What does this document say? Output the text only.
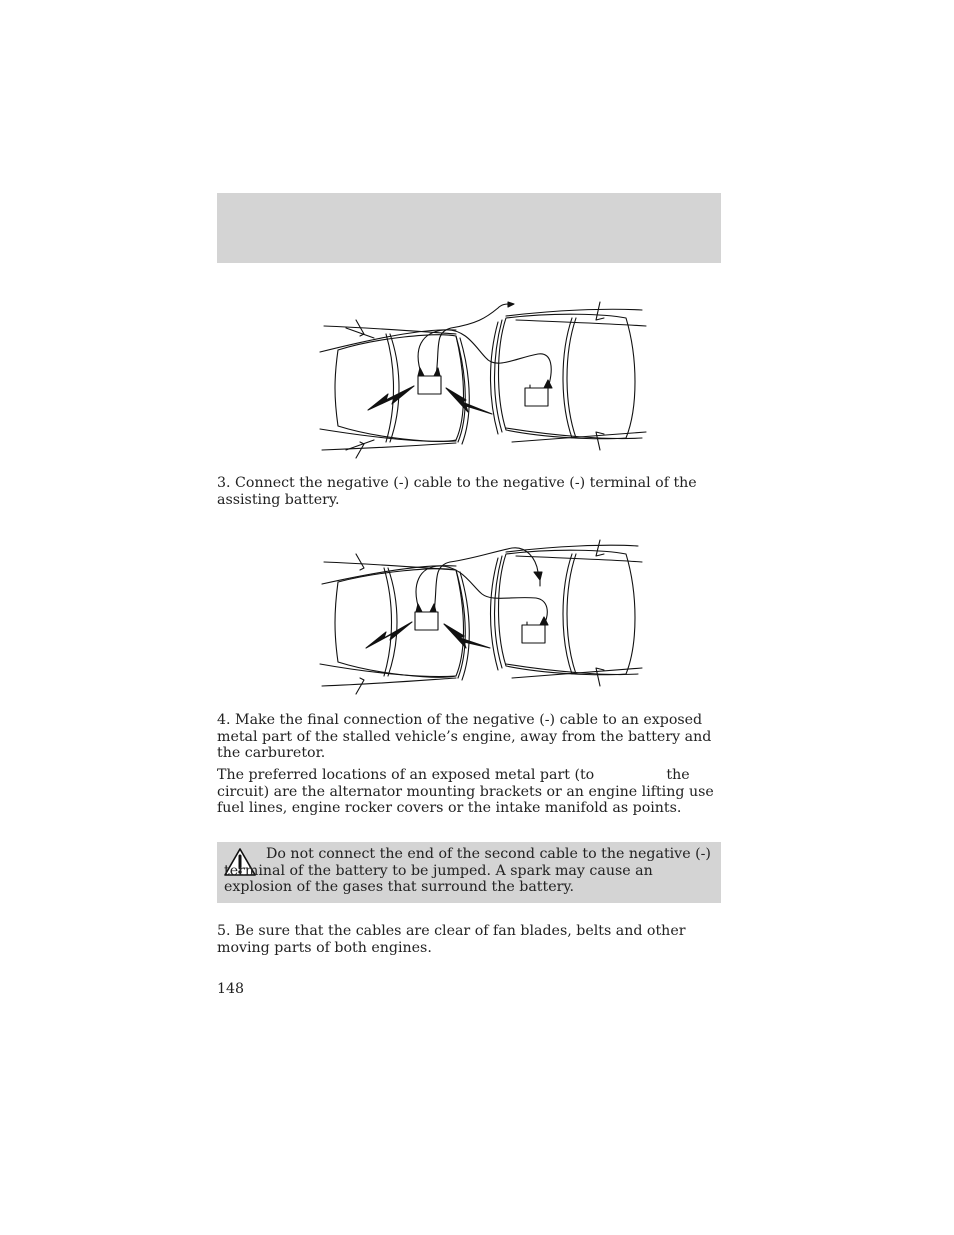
3. Connect the negative (-) cable to the negative (-) terminal of the assisting battery.

4. Make the final connection of the negative (-) cable to an exposed metal part of the stalled vehicle’s engine, away from the battery and the carburetor.

The preferred locations of an exposed metal part (to                the circuit) are the alternator mounting brackets or an engine lifting use fuel lines, engine rocker covers or the intake manifold as points.

Do not connect the end of the second cable to the negative (-) terminal of the battery to be jumped. A spark may cause an explosion of the gases that surround the battery.

5. Be sure that the cables are clear of fan blades, belts and other moving parts of both engines.

148
